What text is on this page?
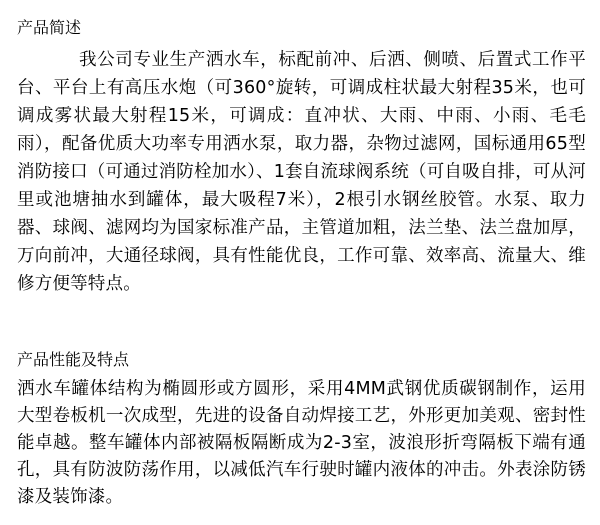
产品简述

我公司专业生产洒水车，标配前冲、后洒、侧喷、后置式工作平台、平台上有高压水炮（可360°旋转，可调成柱状最大射程35米，也可调成雾状最大射程15米，可调成：直冲状、大雨、中雨、小雨、毛毛雨），配备优质大功率专用洒水泵，取力器，杂物过滤网，国标通用65型消防接口（可通过消防栓加水）、1套自流球阀系统（可自吸自排，可从河里或池塘抽水到罐体，最大吸程7米），2根引水钢丝胶管。水泵、取力器、球阀、滤网均为国家标准产品，主管道加粗，法兰垫、法兰盘加厚，万向前冲，大通径球阀，具有性能优良，工作可靠、效率高、流量大、维修方便等特点。

产品性能及特点

洒水车罐体结构为椭圆形或方圆形，采用4MM武钢优质碳钢制作，运用大型卷板机一次成型，先进的设备自动焊接工艺，外形更加美观、密封性能卓越。整车罐体内部被隔板隔断成为2-3室，波浪形折弯隔板下端有通孔，具有防波防荡作用，以减低汽车行驶时罐内液体的冲击。外表涂防锈漆及装饰漆。
